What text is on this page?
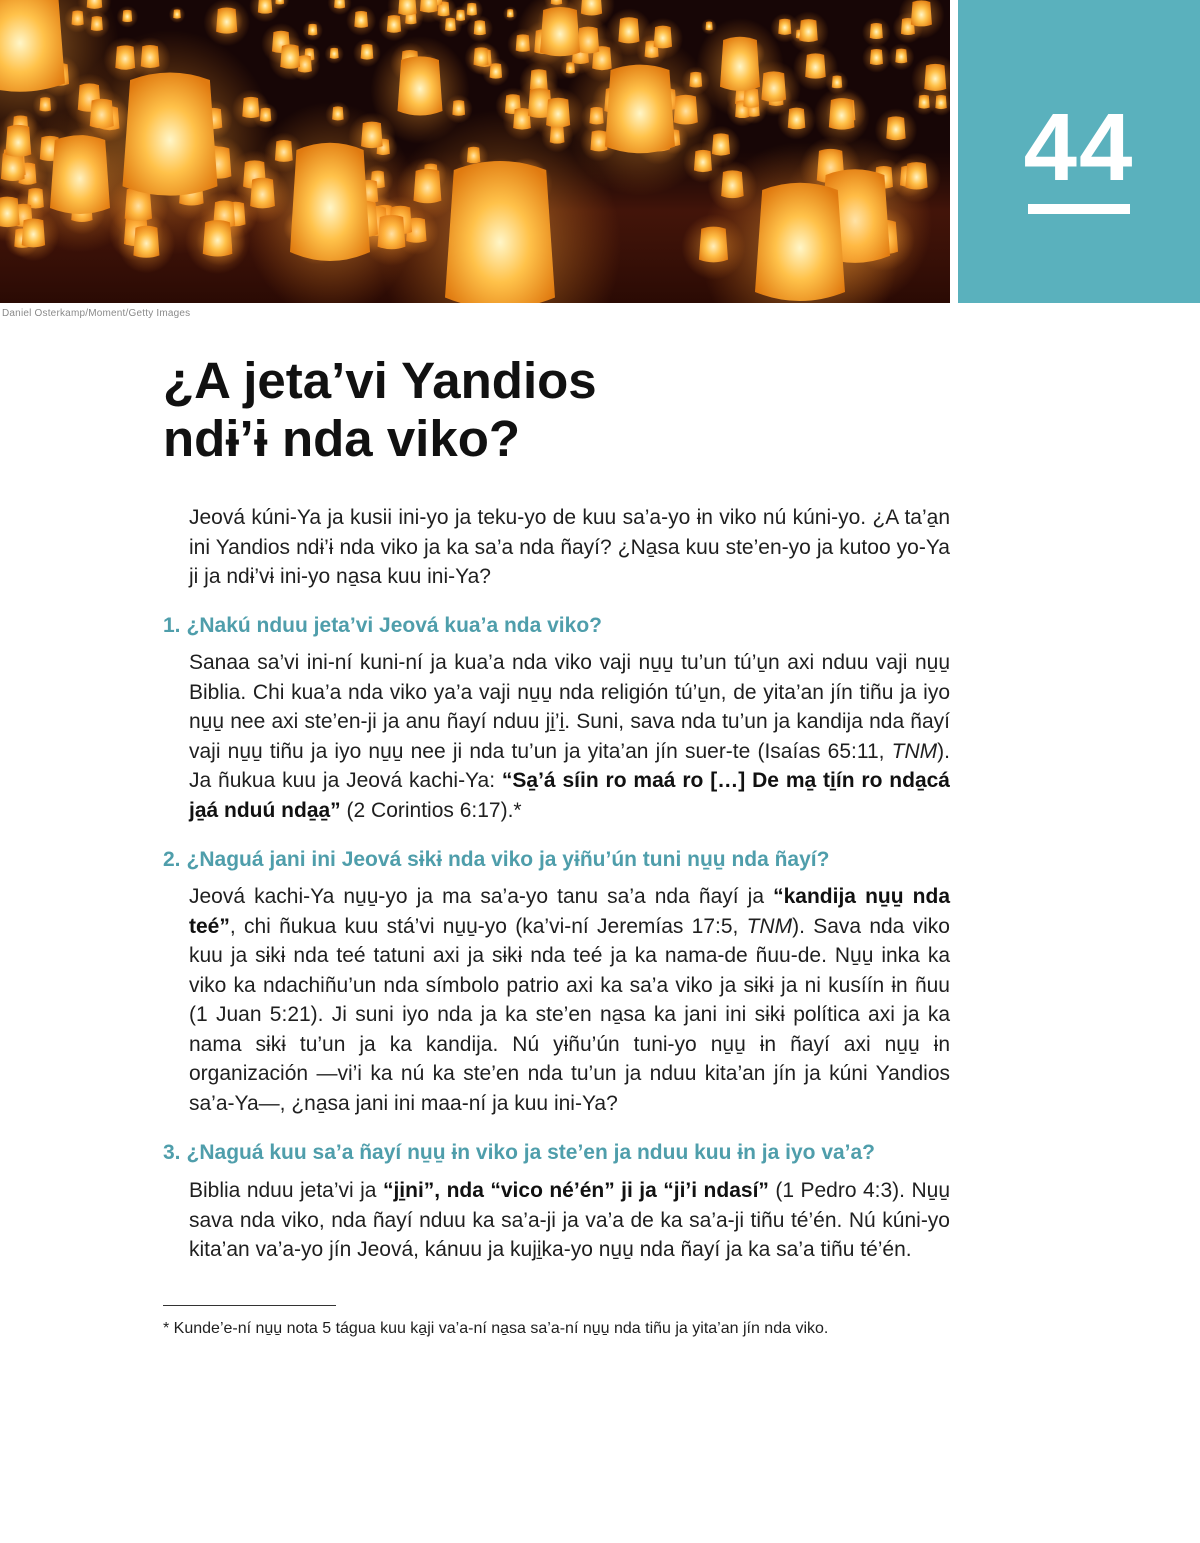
44
Daniel Osterkamp/Moment/Getty Images
¿A jeta’vi Yandios
ndɨ’ɨ nda viko?

Jeová kúni-Ya ja kusii ini-yo ja teku-yo de kuu sa’a-yo ɨn viko nú kúni-yo. ¿A ta’a̱n ini Yandios ndɨ’ɨ nda viko ja ka sa’a nda ñayí? ¿Na̱sa kuu ste’en-yo ja kutoo yo-Ya ji ja ndɨ’vɨ ini-yo na̱sa kuu ini-Ya?

1. ¿Nakú nduu jeta’vi Jeová kua’a nda viko?

Sanaa sa’vi ini-ní kuni-ní ja kua’a nda viko vaji nu̱u̱ tu’un tú’u̱n axi nduu vaji nu̱u̱ Biblia. Chi kua’a nda viko ya’a vaji nu̱u̱ nda religión tú’u̱n, de yita’an jín tiñu ja iyo nu̱u̱ nee axi ste’en-ji ja anu ñayí nduu ji̱’i̱. Suni, sava nda tu’un ja kandija nda ñayí vaji nu̱u̱ tiñu ja iyo nu̱u̱ nee ji nda tu’un ja yita’an jín suer-te (Isaías 65:11, TNM). Ja ñukua kuu ja Jeová kachi-Ya: “Sa̱’á síin ro maá ro […] De ma̱ ti̱ín ro nda̱cá ja̱á nduú nda̱a̱” (2 Corintios 6:17).*

2. ¿Naguá jani ini Jeová sɨkɨ nda viko ja yɨñu’ún tuni nu̱u̱ nda ñayí?

Jeová kachi-Ya nu̱u̱-yo ja ma sa’a-yo tanu sa’a nda ñayí ja “kandija nu̱u̱ nda teé”, chi ñukua kuu stá’vi nu̱u̱-yo (ka’vi-ní Jeremías 17:5, TNM). Sava nda viko kuu ja sɨkɨ nda teé tatuni axi ja sɨkɨ nda teé ja ka nama-de ñuu-de. Nu̱u̱ inka ka viko ka ndachiñu’un nda símbolo patrio axi ka sa’a viko ja sɨkɨ ja ni kusíín ɨn ñuu (1 Juan 5:21). Ji suni iyo nda ja ka ste’en na̱sa ka jani ini sɨkɨ política axi ja ka nama sɨkɨ tu’un ja ka kandija. Nú yɨñu’ún tuni-yo nu̱u̱ ɨn ñayí axi nu̱u̱ ɨn organización —vi’i ka nú ka ste’en nda tu’un ja nduu kita’an jín ja kúni Yandios sa’a-Ya—, ¿na̱sa jani ini maa-ní ja kuu ini-Ya?

3. ¿Naguá kuu sa’a ñayí nu̱u̱ ɨn viko ja ste’en ja nduu kuu ɨn ja iyo va’a?

Biblia nduu jeta’vi ja “ji̱ni”, nda “vico né’én” ji ja “ji’i ndasí” (1 Pedro 4:3). Nu̱u̱ sava nda viko, nda ñayí nduu ka sa’a-ji ja va’a de ka sa’a-ji tiñu té’én. Nú kúni-yo kita’an va’a-yo jín Jeová, kánuu ja kuji̱ka-yo nu̱u̱ nda ñayí ja ka sa’a tiñu té’én.

* Kunde’e-ní nu̱u̱ nota 5 tágua kuu ka̱ji va’a-ní na̱sa sa’a-ní nu̱u̱ nda tiñu ja yita’an jín nda viko.
